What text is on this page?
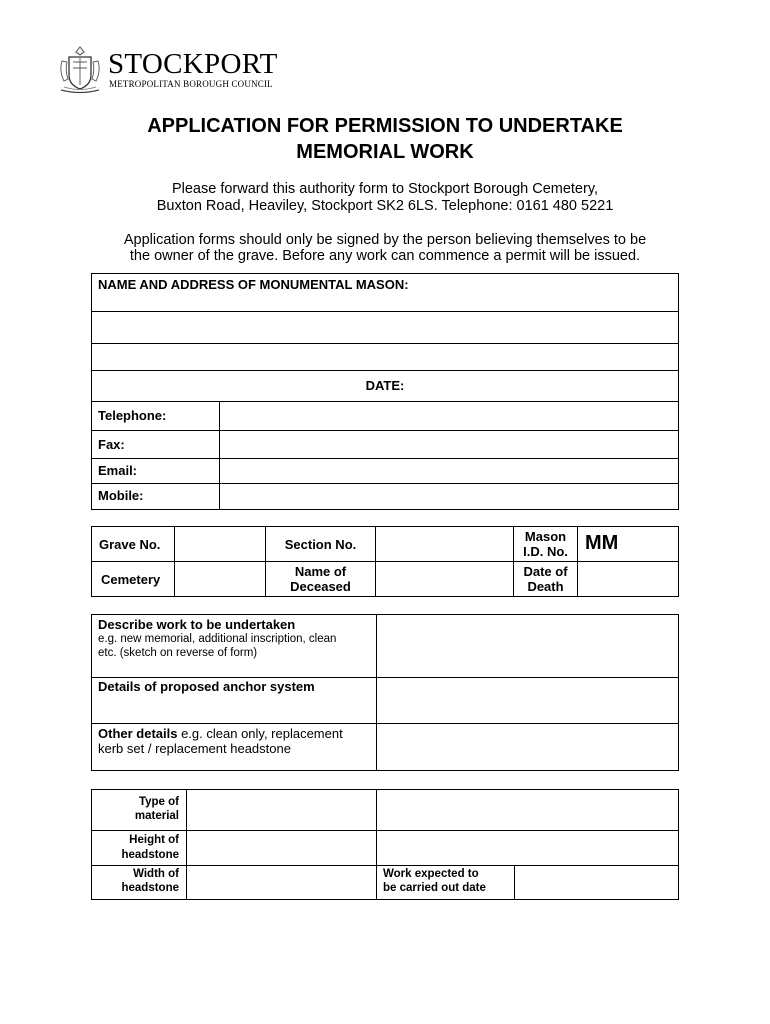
STOCKPORT
METROPOLITAN BOROUGH COUNCIL
APPLICATION FOR PERMISSION TO UNDERTAKE
MEMORIAL WORK
Please forward this authority form to Stockport Borough Cemetery,
Buxton Road, Heaviley, Stockport SK2 6LS. Telephone: 0161 480 5221
Application forms should only be signed by the person believing themselves to be
the owner of the grave. Before any work can commence a permit will be issued.
NAME AND ADDRESS OF MONUMENTAL MASON:
DATE:
Telephone:
Fax:
Email:
Mobile:
Grave No.	Section No.
Mason
I.D. No. MM
Cemetery
Name of
Deceased
Date of
Death
Describe work to be undertaken
e.g. new memorial, additional inscription, clean
etc. (sketch on reverse of form)
Details of proposed anchor system
Other details e.g. clean only, replacement
kerb set / replacement headstone
Type of
material
Height of
headstone
Width of
headstone
Work expected to
be carried out date
